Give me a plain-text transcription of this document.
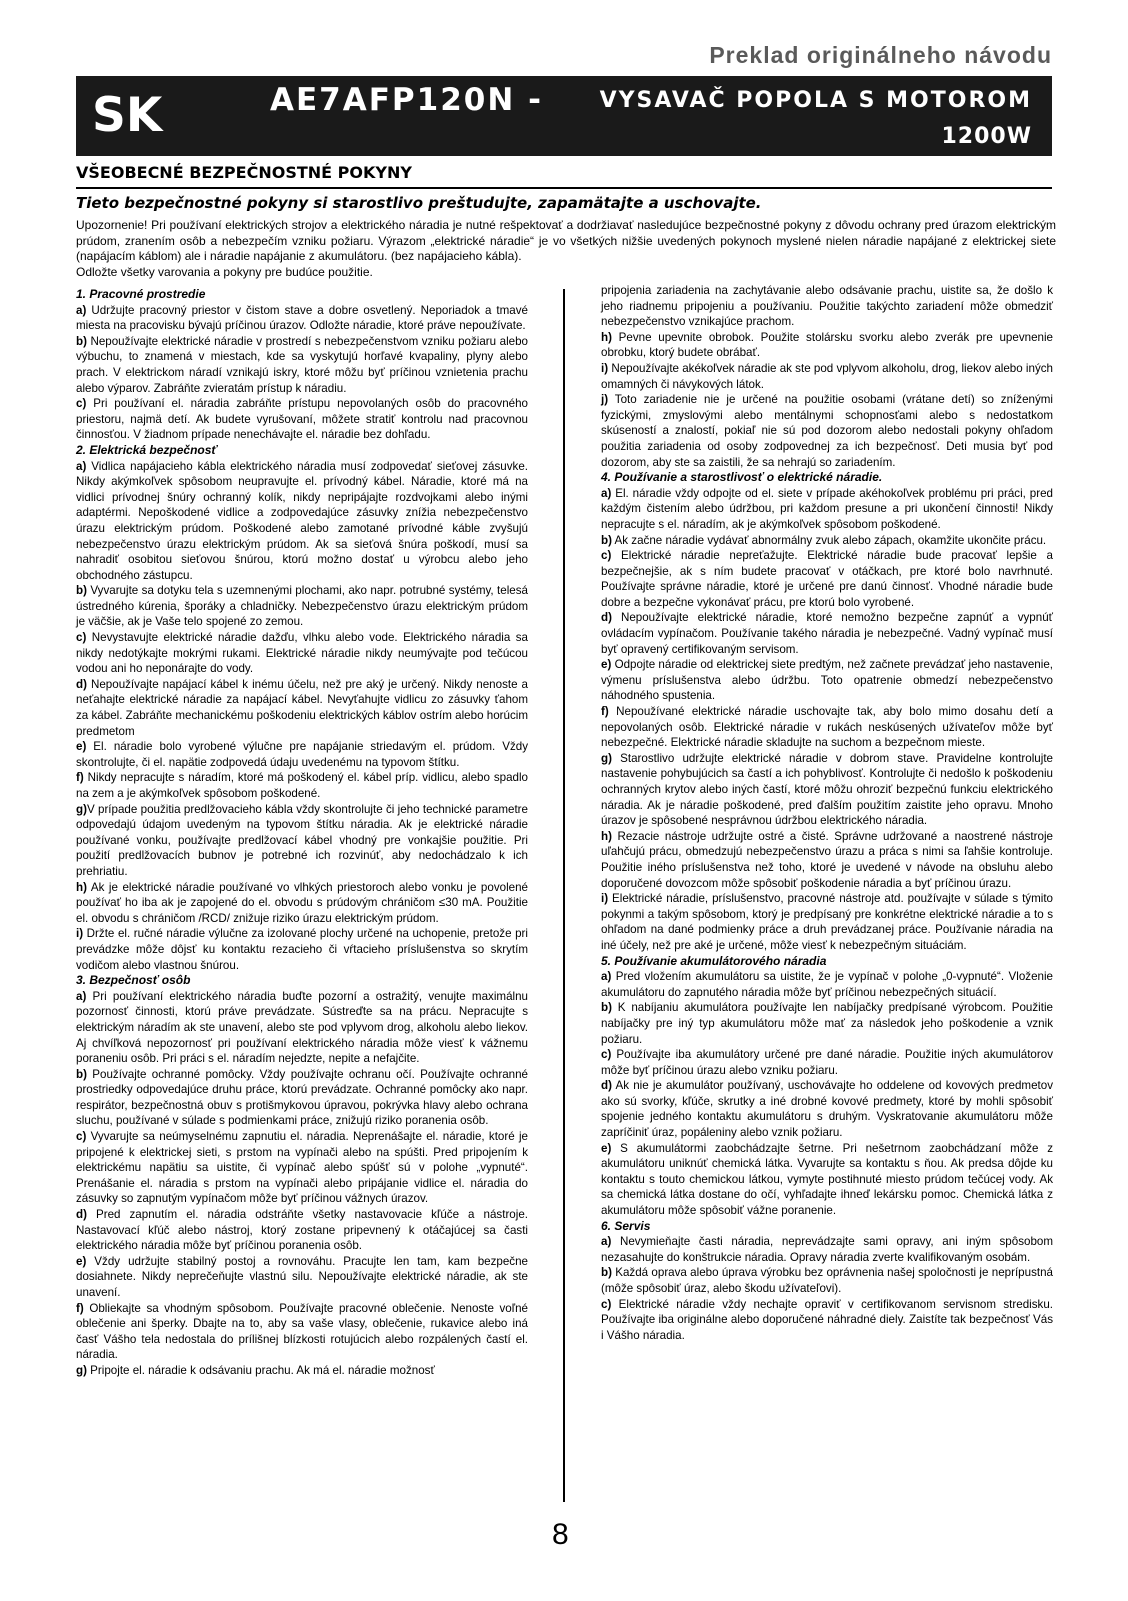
Preklad originálneho návodu
SK	AE7AFP120N -	VYSAVAČ POPOLA S MOTOROM
1200W
VŠEOBECNÉ BEZPEČNOSTNÉ POKYNY
Tieto bezpečnostné pokyny si starostlivo preštudujte, zapamätajte a uschovajte.

Upozornenie! Pri používaní elektrických strojov a elektrického náradia je nutné rešpektovať a dodržiavať nasledujúce bezpečnostné pokyny z dôvodu ochrany pred úrazom elektrickým prúdom, zranením osôb a nebezpečím vzniku požiaru. Výrazom „elektrické náradie“ je vo všetkých nižšie uvedených pokynoch myslené nielen náradie napájané z elektrickej siete (napájacím káblom) ale i náradie napájanie z akumulátoru. (bez napájacieho kábla).

Odložte všetky varovania a pokyny pre budúce použitie.

1. Pracovné prostredie

a) Udržujte pracovný priestor v čistom stave a dobre osvetlený. Neporiadok a tmavé miesta na pracovisku bývajú príčinou úrazov. Odložte náradie, ktoré práve nepoužívate.

b) Nepoužívajte elektrické náradie v prostredí s nebezpečenstvom vzniku požiaru alebo výbuchu, to znamená v miestach, kde sa vyskytujú horľavé kvapaliny, plyny alebo prach. V elektrickom náradí vznikajú iskry, ktoré môžu byť príčinou vznietenia prachu alebo výparov. Zabráňte zvieratám prístup k náradiu.

c) Pri používaní el. náradia zabráňte prístupu nepovolaných osôb do pracovného priestoru, najmä detí. Ak budete vyrušovaní, môžete stratiť kontrolu nad pracovnou činnosťou. V žiadnom prípade nenechávajte el. náradie bez dohľadu.

2. Elektrická bezpečnosť

a) Vidlica napájacieho kábla elektrického náradia musí zodpovedať sieťovej zásuvke. Nikdy akýmkoľvek spôsobom neupravujte el. prívodný kábel. Náradie, ktoré má na vidlici prívodnej šnúry ochranný kolík, nikdy nepripájajte rozdvojkami alebo inými adaptérmi. Nepoškodené vidlice a zodpovedajúce zásuvky znížia nebezpečenstvo úrazu elektrickým prúdom. Poškodené alebo zamotané prívodné káble zvyšujú nebezpečenstvo úrazu elektrickým prúdom. Ak sa sieťová šnúra poškodí, musí sa nahradiť osobitou sieťovou šnúrou, ktorú možno dostať u výrobcu alebo jeho obchodného zástupcu.

b) Vyvarujte sa dotyku tela s uzemnenými plochami, ako napr. potrubné systémy, telesá ústredného kúrenia, šporáky a chladničky. Nebezpečenstvo úrazu elektrickým prúdom je väčšie, ak je Vaše telo spojené zo zemou.

c) Nevystavujte elektrické náradie dažďu, vlhku alebo vode. Elektrického náradia sa nikdy nedotýkajte mokrými rukami. Elektrické náradie nikdy neumývajte pod tečúcou vodou ani ho neponárajte do vody.

d) Nepoužívajte napájací kábel k inému účelu, než pre aký je určený. Nikdy nenoste a neťahajte elektrické náradie za napájací kábel. Nevyťahujte vidlicu zo zásuvky ťahom za kábel. Zabráňte mechanickému poškodeniu elektrických káblov ostrím alebo horúcim predmetom

e) El. náradie bolo vyrobené výlučne pre napájanie striedavým el. prúdom. Vždy skontrolujte, či el. napätie zodpovedá údaju uvedenému na typovom štítku.

f) Nikdy nepracujte s náradím, ktoré má poškodený el. kábel príp. vidlicu, alebo spadlo na zem a je akýmkoľvek spôsobom poškodené.

g)V prípade použitia predlžovacieho kábla vždy skontrolujte či jeho technické parametre odpovedajú údajom uvedeným na typovom štítku náradia. Ak je elektrické náradie používané vonku, používajte predlžovací kábel vhodný pre vonkajšie použitie. Pri použití predlžovacích bubnov je potrebné ich rozvinúť, aby nedochádzalo k ich prehriatiu.

h) Ak je elektrické náradie používané vo vlhkých priestoroch alebo vonku je povolené používať ho iba ak je zapojené do el. obvodu s prúdovým chráničom ≤30 mA. Použitie el. obvodu s chráničom /RCD/ znižuje riziko úrazu elektrickým prúdom.

i) Držte el. ručné náradie výlučne za izolované plochy určené na uchopenie, pretože pri prevádzke môže dôjsť ku kontaktu rezacieho či vŕtacieho príslušenstva so skrytím vodičom alebo vlastnou šnúrou.

3. Bezpečnosť osôb

a) Pri používaní elektrického náradia buďte pozorní a ostražitý, venujte maximálnu pozornosť činnosti, ktorú práve prevádzate. Sústreďte sa na prácu. Nepracujte s elektrickým náradím ak ste unavení, alebo ste pod vplyvom drog, alkoholu alebo liekov. Aj chvíľková nepozornosť pri používaní elektrického náradia môže viesť k vážnemu poraneniu osôb. Pri práci s el. náradím nejedzte, nepite a nefajčite.

b) Používajte ochranné pomôcky. Vždy používajte ochranu očí. Používajte ochranné prostriedky odpovedajúce druhu práce, ktorú prevádzate. Ochranné pomôcky ako napr. respirátor, bezpečnostná obuv s protišmykovou úpravou, pokrývka hlavy alebo ochrana sluchu, používané v súlade s podmienkami práce, znižujú riziko poranenia osôb.

c) Vyvarujte sa neúmyselnému zapnutiu el. náradia. Neprenášajte el. náradie, ktoré je pripojené k elektrickej sieti, s prstom na vypínači alebo na spúšti. Pred pripojením k elektrickému napätiu sa uistite, či vypínač alebo spúšť sú v polohe „vypnuté“. Prenášanie el. náradia s prstom na vypínači alebo pripájanie vidlice el. náradia do zásuvky so zapnutým vypínačom môže byť príčinou vážnych úrazov.

d) Pred zapnutím el. náradia odstráňte všetky nastavovacie kľúče a nástroje. Nastavovací kľúč alebo nástroj, ktorý zostane pripevnený k otáčajúcej sa časti elektrického náradia môže byť príčinou poranenia osôb.

e) Vždy udržujte stabilný postoj a rovnováhu. Pracujte len tam, kam bezpečne dosiahnete. Nikdy neprečeňujte vlastnú silu. Nepoužívajte elektrické náradie, ak ste unavení.

f) Obliekajte sa vhodným spôsobom. Používajte pracovné oblečenie. Nenoste voľné oblečenie ani šperky. Dbajte na to, aby sa vaše vlasy, oblečenie, rukavice alebo iná časť Vášho tela nedostala do prílišnej blízkosti rotujúcich alebo rozpálených častí el. náradia.

g) Pripojte el. náradie k odsávaniu prachu. Ak má el. náradie možnosť

pripojenia zariadenia na zachytávanie alebo odsávanie prachu, uistite sa, že došlo k jeho riadnemu pripojeniu a používaniu. Použitie takýchto zariadení môže obmedziť nebezpečenstvo vznikajúce prachom.

h) Pevne upevnite obrobok. Použite stolársku svorku alebo zverák pre upevnenie obrobku, ktorý budete obrábať.

i) Nepoužívajte akékoľvek náradie ak ste pod vplyvom alkoholu, drog, liekov alebo iných omamných či návykových látok.

j) Toto zariadenie nie je určené na použitie osobami (vrátane detí) so zníženými fyzickými, zmyslovými alebo mentálnymi schopnosťami alebo s nedostatkom skúseností a znalostí, pokiaľ nie sú pod dozorom alebo nedostali pokyny ohľadom použitia zariadenia od osoby zodpovednej za ich bezpečnosť. Deti musia byť pod dozorom, aby ste sa zaistili, že sa nehrajú so zariadením.

4. Používanie a starostlivosť o elektrické náradie.

a) El. náradie vždy odpojte od el. siete v prípade akéhokoľvek problému pri práci, pred každým čistením alebo údržbou, pri každom presune a pri ukončení činnosti! Nikdy nepracujte s el. náradím, ak je akýmkoľvek spôsobom poškodené.

b) Ak začne náradie vydávať abnormálny zvuk alebo zápach, okamžite ukončite prácu.

c) Elektrické náradie nepreťažujte. Elektrické náradie bude pracovať lepšie a bezpečnejšie, ak s ním budete pracovať v otáčkach, pre ktoré bolo navrhnuté. Používajte správne náradie, ktoré je určené pre danú činnosť. Vhodné náradie bude dobre a bezpečne vykonávať prácu, pre ktorú bolo vyrobené.

d) Nepoužívajte elektrické náradie, ktoré nemožno bezpečne zapnúť a vypnúť ovládacím vypínačom. Používanie takého náradia je nebezpečné. Vadný vypínač musí byť opravený certifikovaným servisom.

e) Odpojte náradie od elektrickej siete predtým, než začnete prevádzať jeho nastavenie, výmenu príslušenstva alebo údržbu. Toto opatrenie obmedzí nebezpečenstvo náhodného spustenia.

f) Nepoužívané elektrické náradie uschovajte tak, aby bolo mimo dosahu detí a nepovolaných osôb. Elektrické náradie v rukách neskúsených užívateľov môže byť nebezpečné. Elektrické náradie skladujte na suchom a bezpečnom mieste.

g) Starostlivo udržujte elektrické náradie v dobrom stave. Pravidelne kontrolujte nastavenie pohybujúcich sa častí a ich pohyblivosť. Kontrolujte či nedošlo k poškodeniu ochranných krytov alebo iných častí, ktoré môžu ohroziť bezpečnú funkciu elektrického náradia. Ak je náradie poškodené, pred ďalším použitím zaistite jeho opravu. Mnoho úrazov je spôsobené nesprávnou údržbou elektrického náradia.

h) Rezacie nástroje udržujte ostré a čisté. Správne udržované a naostrené nástroje uľahčujú prácu, obmedzujú nebezpečenstvo úrazu a práca s nimi sa ľahšie kontroluje. Použitie iného príslušenstva než toho, ktoré je uvedené v návode na obsluhu alebo doporučené dovozcom môže spôsobiť poškodenie náradia a byť príčinou úrazu.

i) Elektrické náradie, príslušenstvo, pracovné nástroje atd. používajte v súlade s týmito pokynmi a takým spôsobom, ktorý je predpísaný pre konkrétne elektrické náradie a to s ohľadom na dané podmienky práce a druh prevádzanej práce. Používanie náradia na iné účely, než pre aké je určené, môže viesť k nebezpečným situáciám.

5. Používanie akumulátorového náradia

a) Pred vložením akumulátoru sa uistite, že je vypínač v polohe „0-vypnuté“. Vloženie akumulátoru do zapnutého náradia môže byť príčinou nebezpečných situácií.

b) K nabíjaniu akumulátora používajte len nabíjačky predpísané výrobcom. Použitie nabíjačky pre iný typ akumulátoru môže mať za následok jeho poškodenie a vznik požiaru.

c) Používajte iba akumulátory určené pre dané náradie. Použitie iných akumulátorov môže byť príčinou úrazu alebo vzniku požiaru.

d) Ak nie je akumulátor používaný, uschovávajte ho oddelene od kovových predmetov ako sú svorky, kľúče, skrutky a iné drobné kovové predmety, ktoré by mohli spôsobiť spojenie jedného kontaktu akumulátoru s druhým. Vyskratovanie akumulátoru môže zapríčiniť úraz, popáleniny alebo vznik požiaru.

e) S akumulátormi zaobchádzajte šetrne. Pri nešetrnom zaobchádzaní môže z akumulátoru uniknúť chemická látka. Vyvarujte sa kontaktu s ňou. Ak predsa dôjde ku kontaktu s touto chemickou látkou, vymyte postihnuté miesto prúdom tečúcej vody. Ak sa chemická látka dostane do očí, vyhľadajte ihneď lekársku pomoc. Chemická látka z akumulátoru môže spôsobiť vážne poranenie.

6. Servis

a) Nevymieňajte časti náradia, neprevádzajte sami opravy, ani iným spôsobom nezasahujte do konštrukcie náradia. Opravy náradia zverte kvalifikovaným osobám.

b) Každá oprava alebo úprava výrobku bez oprávnenia našej spoločnosti je neprípustná (môže spôsobiť úraz, alebo škodu užívateľovi).

c) Elektrické náradie vždy nechajte opraviť v certifikovanom servisnom stredisku. Používajte iba originálne alebo doporučené náhradné diely. Zaistíte tak bezpečnosť Vás i Vášho náradia.

8
